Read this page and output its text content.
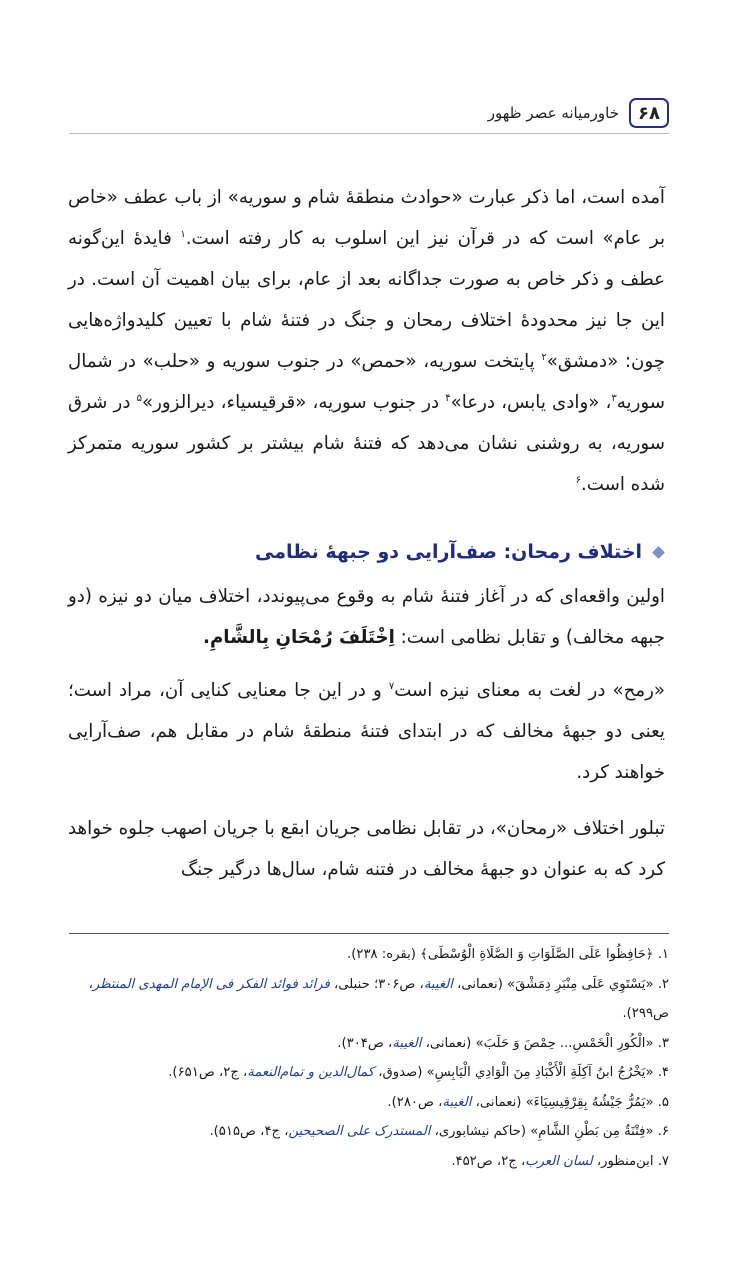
۶۸
خاورمیانه عصر ظهور

آمده است، اما ذکر عبارت «حوادث منطقهٔ شام و سوریه» از باب عطف «خاص بر عام» است که در قرآن نیز این اسلوب به کار رفته است.$^۱$ فایدهٔ این‌گونه عطف و ذکر خاص به صورت جداگانه بعد از عام، برای بیان اهمیت آن است. در این جا نیز محدودهٔ اختلاف رمحان و جنگ در فتنهٔ شام با تعیین کلیدواژه‌هایی چون: «دمشق»$^۲$ پایتخت سوریه، «حمص» در جنوب سوریه و «حلب» در شمال سوریه$^۳$، «وادی یابس، درعا»$^۴$ در جنوب سوریه، «قرقیسیاء، دیرالزور»$^۵$ در شرق سوریه، به روشنی نشان می‌دهد که فتنهٔ شام بیشتر بر کشور سوریه متمرکز شده است.$^۶$

اختلاف رمحان: صف‌آرایی دو جبههٔ نظامی

اولین واقعه‌ای که در آغاز فتنهٔ شام به وقوع می‌پیوندد، اختلاف میان دو نیزه (دو جبهه مخالف) و تقابل نظامی است: اِخْتَلَفَ رُمْحَانِ بِالشَّامِ.

«رمح» در لغت به معنای نیزه است$^۷$ و در این جا معنایی کنایی آن، مراد است؛ یعنی دو جبههٔ مخالف که در ابتدای فتنهٔ منطقهٔ شام در مقابل هم، صف‌آرایی خواهند کرد.

تبلور اختلاف «رمحان»، در تقابل نظامی جریان ابقع با جریان اصهب جلوه خواهد کرد که به عنوان دو جبههٔ مخالف در فتنه شام، سال‌ها درگیر جنگ

۱. ﴿حَافِظُوا عَلَى الصَّلَوَاتِ وَ الصَّلَاةِ الْوُسْطَى﴾ (بقره: ۲۳۸).

۲. «يَسْتَوِي عَلَى مِنْبَرِ دِمَشْقَ» (نعمانی، الغيبة، ص۳۰۶؛ حنبلی، فرائد فوائد الفکر فی الإمام المهدی المنتظر، ص۲۹۹).

۳. «الْكُورِ الْخَمْسِ... حِمْصَ وَ حَلَبَ» (نعمانی، الغيبة، ص۳۰۴).

۴. «يَخْرُجُ ابنُ آكِلَةِ الْأَكْبَادِ مِنَ الْوَادِي الْيَابِسِ» (صدوق، کمال‌الدین و تمام‌النعمة، ج۲، ص۶۵۱).

۵. «يَمُرُّ جَيْشُهُ بِقِرْقِيسِيَاءَ» (نعمانی، الغيبة، ص۲۸۰).

۶. «فِتْنَةٌ مِن بَطْنِ الشَّامِ» (حاکم نیشابوری، المستدرک علی الصحیحین، ج۴، ص۵۱۵).

۷. ابن‌منظور، لسان العرب، ج۲، ص۴۵۲.
